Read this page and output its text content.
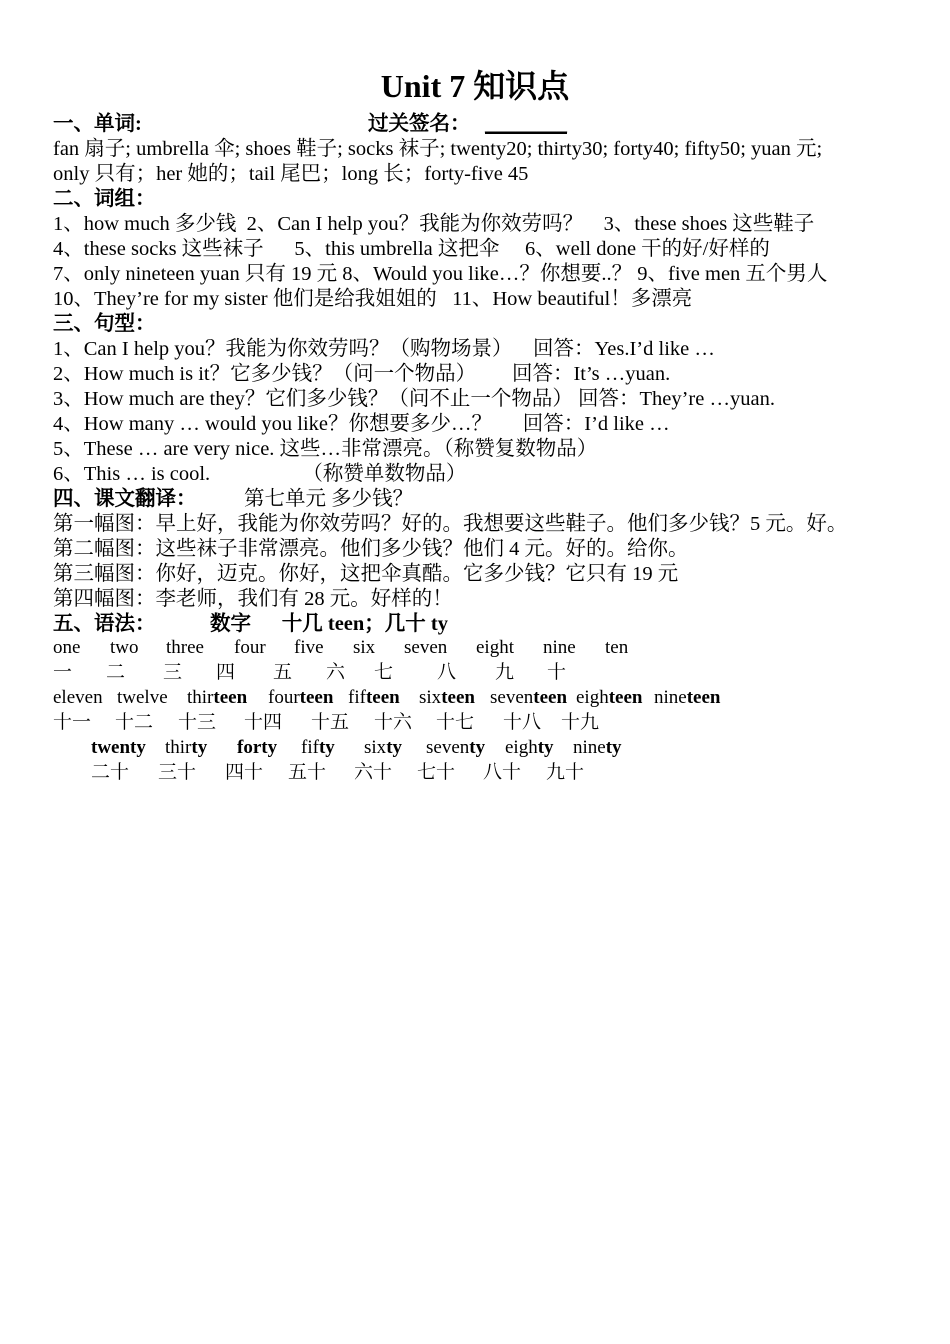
Unit 7 知识点
一、单词:	过关签名： ________
fan 扇子; umbrella 伞; shoes 鞋子; socks 袜子; twenty20; thirty30; forty40; fifty50; yuan 元;
only 只有；her 她的；tail 尾巴；long 长；forty-five 45
二、词组：
1、how much 多少钱  2、Can I help you？我能为你效劳吗？    3、these shoes 这些鞋子
4、these socks 这些袜子      5、this umbrella 这把伞     6、well done 干的好/好样的
7、only nineteen yuan 只有 19 元 8、Would you like…？你想要..？ 9、five men 五个男人
10、They’re for my sister 他们是给我姐姐的   11、How beautiful！多漂亮
三、句型：
1、Can I help you？我能为你效劳吗？（购物场景）    回答：Yes.I’d like …
2、How much is it？它多少钱？（问一个物品）       回答：It’s …yuan.
3、How much are they？它们多少钱？（问不止一个物品） 回答：They’re …yuan.
4、How many … would you like？你想要多少…？      回答：I’d like …
5、These … are very nice. 这些…非常漂亮。（称赞复数物品）
6、This … is cool.                  （称赞单数物品）
四、课文翻译： 第七单元 多少钱？
第一幅图：早上好，我能为你效劳吗？好的。我想要这些鞋子。他们多少钱？5 元。好。
第二幅图：这些袜子非常漂亮。他们多少钱？他们 4 元。好的。给你。
第三幅图：你好，迈克。你好，这把伞真酷。它多少钱？它只有 19 元
第四幅图：李老师，我们有 28 元。好样的！
五、语法：	数字      十几 teen；几十 ty
one two three four five six seven eight nine ten
一 二 三 四 五 六 七 八 九 十
eleven twelve thirteen fourteen fifteen sixteen seventeen eighteen nineteen
十一 十二 十三 十四 十五 十六 十七 十八 十九
twenty thirty forty fifty sixty seventy eighty ninety
二十 三十 四十 五十 六十 七十 八十 九十
